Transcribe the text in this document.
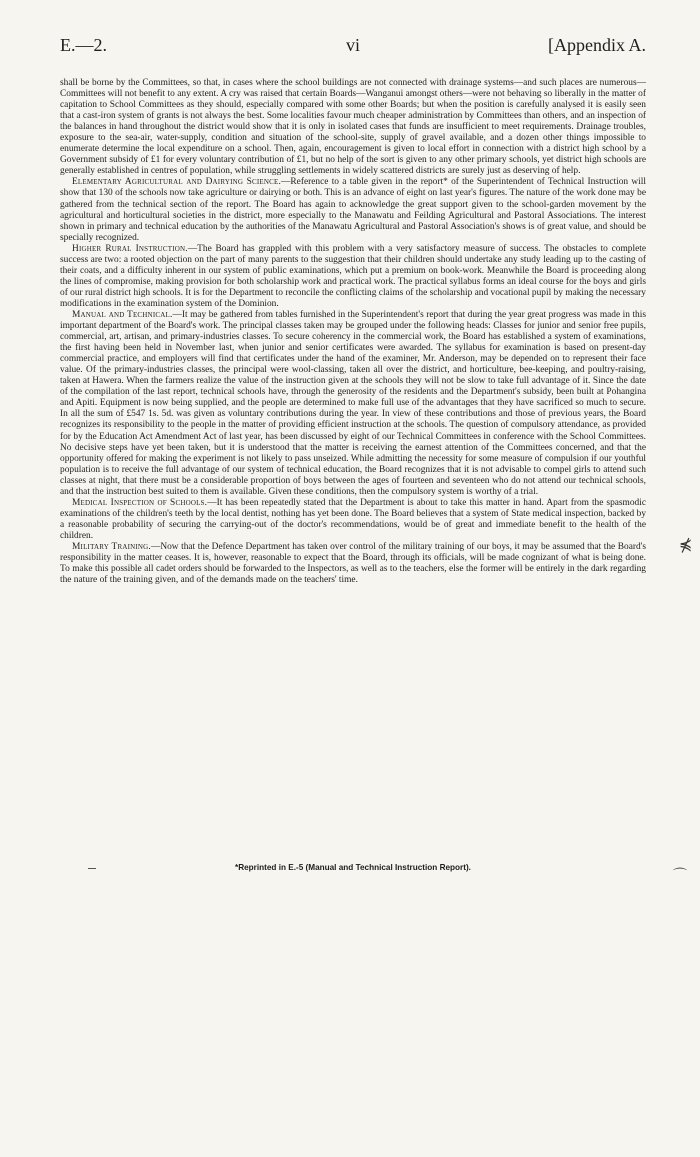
E.—2.	vi	[Appendix A.

shall be borne by the Committees, so that, in cases where the school buildings are not connected with drainage systems—and such places are numerous—Committees will not benefit to any extent. A cry was raised that certain Boards—Wanganui amongst others—were not behaving so liberally in the matter of capitation to School Committees as they should, especially compared with some other Boards; but when the position is carefully analysed it is easily seen that a cast-iron system of grants is not always the best. Some localities favour much cheaper administration by Committees than others, and an inspection of the balances in hand throughout the district would show that it is only in isolated cases that funds are insufficient to meet requirements. Drainage troubles, exposure to the sea-air, water-supply, condition and situation of the school-site, supply of gravel available, and a dozen other things impossible to enumerate determine the local expenditure on a school. Then, again, encouragement is given to local effort in connection with a district high school by a Government subsidy of £1 for every voluntary contribution of £1, but no help of the sort is given to any other primary schools, yet district high schools are generally established in centres of population, while struggling settlements in widely scattered districts are surely just as deserving of help.

Elementary Agricultural and Dairying Science.—Reference to a table given in the report* of the Superintendent of Technical Instruction will show that 130 of the schools now take agriculture or dairying or both. This is an advance of eight on last year's figures. The nature of the work done may be gathered from the technical section of the report. The Board has again to acknowledge the great support given to the school-garden movement by the agricultural and horticultural societies in the district, more especially to the Manawatu and Feilding Agricultural and Pastoral Associations. The interest shown in primary and technical education by the authorities of the Manawatu Agricultural and Pastoral Association's shows is of great value, and should be specially recognized.

Higher Rural Instruction.—The Board has grappled with this problem with a very satisfactory measure of success. The obstacles to complete success are two: a rooted objection on the part of many parents to the suggestion that their children should undertake any study leading up to the casting of their coats, and a difficulty inherent in our system of public examinations, which put a premium on book-work. Meanwhile the Board is proceeding along the lines of compromise, making provision for both scholarship work and practical work. The practical syllabus forms an ideal course for the boys and girls of our rural district high schools. It is for the Department to reconcile the conflicting claims of the scholarship and vocational pupil by making the necessary modifications in the examination system of the Dominion.

Manual and Technical.—It may be gathered from tables furnished in the Superintendent's report that during the year great progress was made in this important department of the Board's work. The principal classes taken may be grouped under the following heads: Classes for junior and senior free pupils, commercial, art, artisan, and primary-industries classes. To secure coherency in the commercial work, the Board has established a system of examinations, the first having been held in November last, when junior and senior certificates were awarded. The syllabus for examination is based on present-day commercial practice, and employers will find that certificates under the hand of the examiner, Mr. Anderson, may be depended on to represent their face value. Of the primary-industries classes, the principal were wool-classing, taken all over the district, and horticulture, bee-keeping, and poultry-raising, taken at Hawera. When the farmers realize the value of the instruction given at the schools they will not be slow to take full advantage of it. Since the date of the compilation of the last report, technical schools have, through the generosity of the residents and the Department's subsidy, been built at Pohangina and Apiti. Equipment is now being supplied, and the people are determined to make full use of the advantages that they have sacrificed so much to secure. In all the sum of £547 1s. 5d. was given as voluntary contributions during the year. In view of these contributions and those of previous years, the Board recognizes its responsibility to the people in the matter of providing efficient instruction at the schools. The question of compulsory attendance, as provided for by the Education Act Amendment Act of last year, has been discussed by eight of our Technical Committees in conference with the School Committees. No decisive steps have yet been taken, but it is understood that the matter is receiving the earnest attention of the Committees concerned, and that the opportunity offered for making the experiment is not likely to pass unseized. While admitting the necessity for some measure of compulsion if our youthful population is to receive the full advantage of our system of technical education, the Board recognizes that it is not advisable to compel girls to attend such classes at night, that there must be a considerable proportion of boys between the ages of fourteen and seventeen who do not attend our technical schools, and that the instruction best suited to them is available. Given these conditions, then the compulsory system is worthy of a trial.

Medical Inspection of Schools.—It has been repeatedly stated that the Department is about to take this matter in hand. Apart from the spasmodic examinations of the children's teeth by the local dentist, nothing has yet been done. The Board believes that a system of State medical inspection, backed by a reasonable probability of securing the carrying-out of the doctor's recommendations, would be of great and immediate benefit to the health of the children.

Military Training.—Now that the Defence Department has taken over control of the military training of our boys, it may be assumed that the Board's responsibility in the matter ceases. It is, however, reasonable to expect that the Board, through its officials, will be made cognizant of what is being done. To make this possible all cadet orders should be forwarded to the Inspectors, as well as to the teachers, else the former will be entirely in the dark regarding the nature of the training given, and of the demands made on the teachers' time.

*Reprinted in E.-5 (Manual and Technical Instruction Report).
⋠
⌒
